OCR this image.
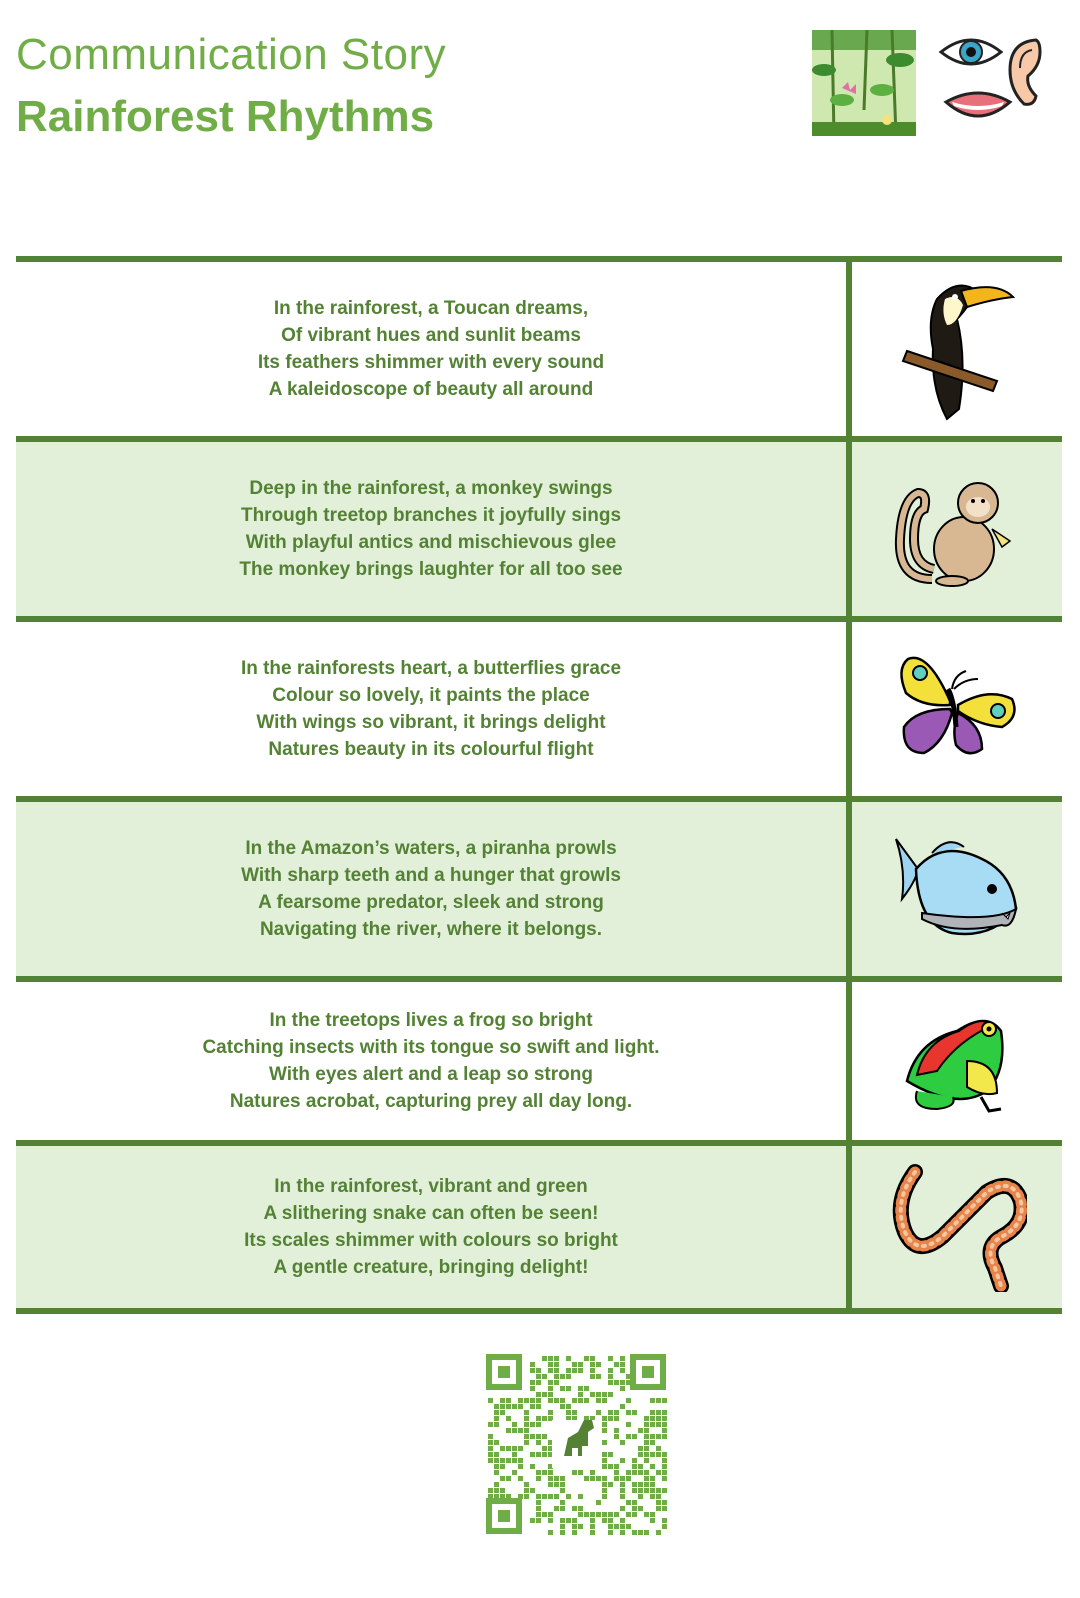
Communication Story
Rainforest Rhythms
In the rainforest, a Toucan dreams,
Of vibrant hues and sunlit beams
Its feathers shimmer with every sound
A kaleidoscope of beauty all around
Deep in the rainforest, a monkey swings
Through treetop branches it joyfully sings
With playful antics and mischievous glee
The monkey brings laughter for all too see
In the rainforests heart, a butterflies grace
Colour so lovely, it paints the place
With wings so vibrant, it brings delight
Natures beauty in its colourful flight
In the Amazon’s waters, a piranha prowls
With sharp teeth and a hunger that growls
A fearsome predator, sleek and strong
Navigating the river, where it belongs.
In the treetops lives a frog so bright
Catching insects with its tongue so swift and light.
With eyes alert and a leap so strong
Natures acrobat, capturing prey all day long.
In the rainforest, vibrant and green
A slithering snake can often be seen!
Its scales shimmer with colours so bright
A gentle creature, bringing delight!
